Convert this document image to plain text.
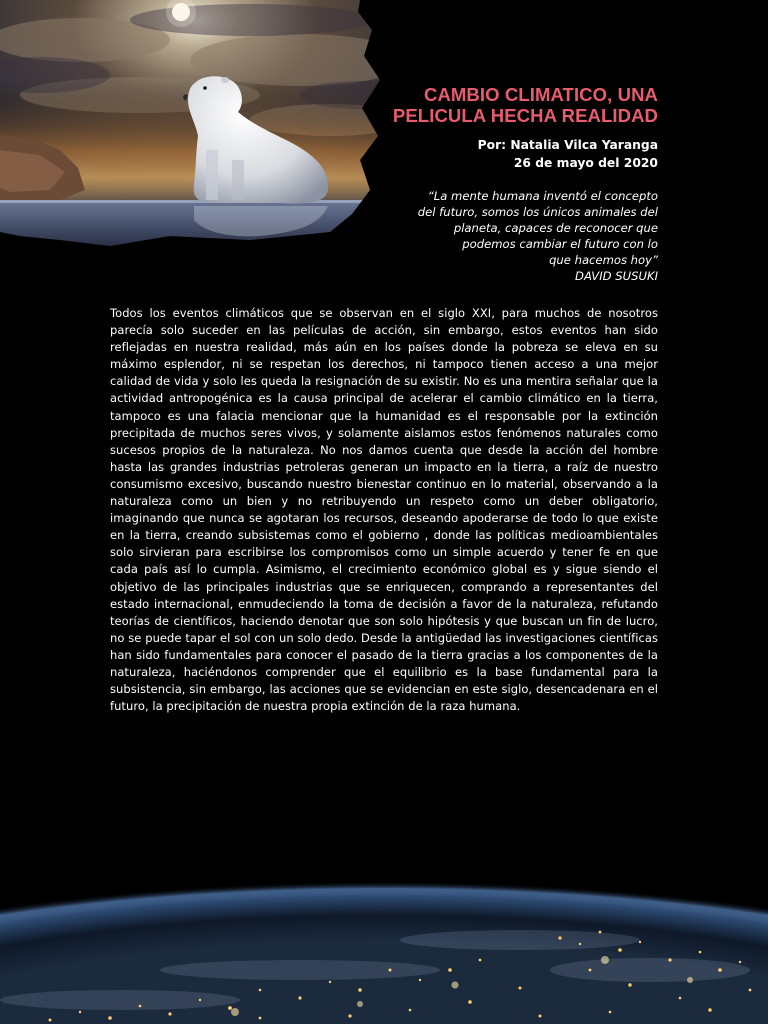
CAMBIO CLIMATICO, UNA
PELICULA HECHA REALIDAD
Por: Natalia Vilca Yaranga
26 de mayo del 2020
“La mente humana inventó el concepto
del futuro, somos los únicos animales del
planeta, capaces de reconocer que
podemos cambiar el futuro con lo
que hacemos hoy”
DAVID SUSUKI
Todos los eventos climáticos que se observan en el siglo XXI, para muchos de nosotros parecía solo suceder en las películas de acción, sin embargo, estos eventos han sido reflejadas en nuestra realidad, más aún en los países donde la pobreza se eleva en su máximo esplendor, ni se respetan los derechos, ni tampoco tienen acceso a una mejor calidad de vida y solo les queda la resignación de su existir. No es una mentira señalar que la actividad antropogénica es la causa principal de acelerar el cambio climático en la tierra, tampoco es una falacia mencionar que la humanidad es el responsable por la extinción precipitada de muchos seres vivos, y solamente aislamos estos fenómenos naturales como sucesos propios de la naturaleza. No nos damos cuenta que desde la acción del hombre hasta las grandes industrias petroleras generan un impacto en la tierra, a raíz de nuestro consumismo excesivo, buscando nuestro bienestar continuo en lo material, observando a la naturaleza como un bien y no retribuyendo un respeto como un deber obligatorio, imaginando que nunca se agotaran los recursos, deseando apoderarse de todo lo que existe en la tierra, creando subsistemas como el gobierno , donde las políticas medioambientales solo sirvieran para escribirse los compromisos como un simple acuerdo y tener fe en que cada país así lo cumpla. Asimismo, el crecimiento económico global es y sigue siendo el objetivo de las principales industrias que se enriquecen, comprando a representantes del estado internacional, enmudeciendo la toma de decisión a favor de la naturaleza, refutando teorías de científicos, haciendo denotar que son solo hipótesis y que buscan un fin de lucro, no se puede tapar el sol con un solo dedo. Desde la antigüedad las investigaciones científicas han sido fundamentales para conocer el pasado de la tierra gracias a los componentes de la naturaleza, haciéndonos comprender que el equilibrio es la base fundamental para la subsistencia, sin embargo, las acciones que se evidencian en este siglo, desencadenara en el futuro, la precipitación de nuestra propia extinción de la raza humana.
